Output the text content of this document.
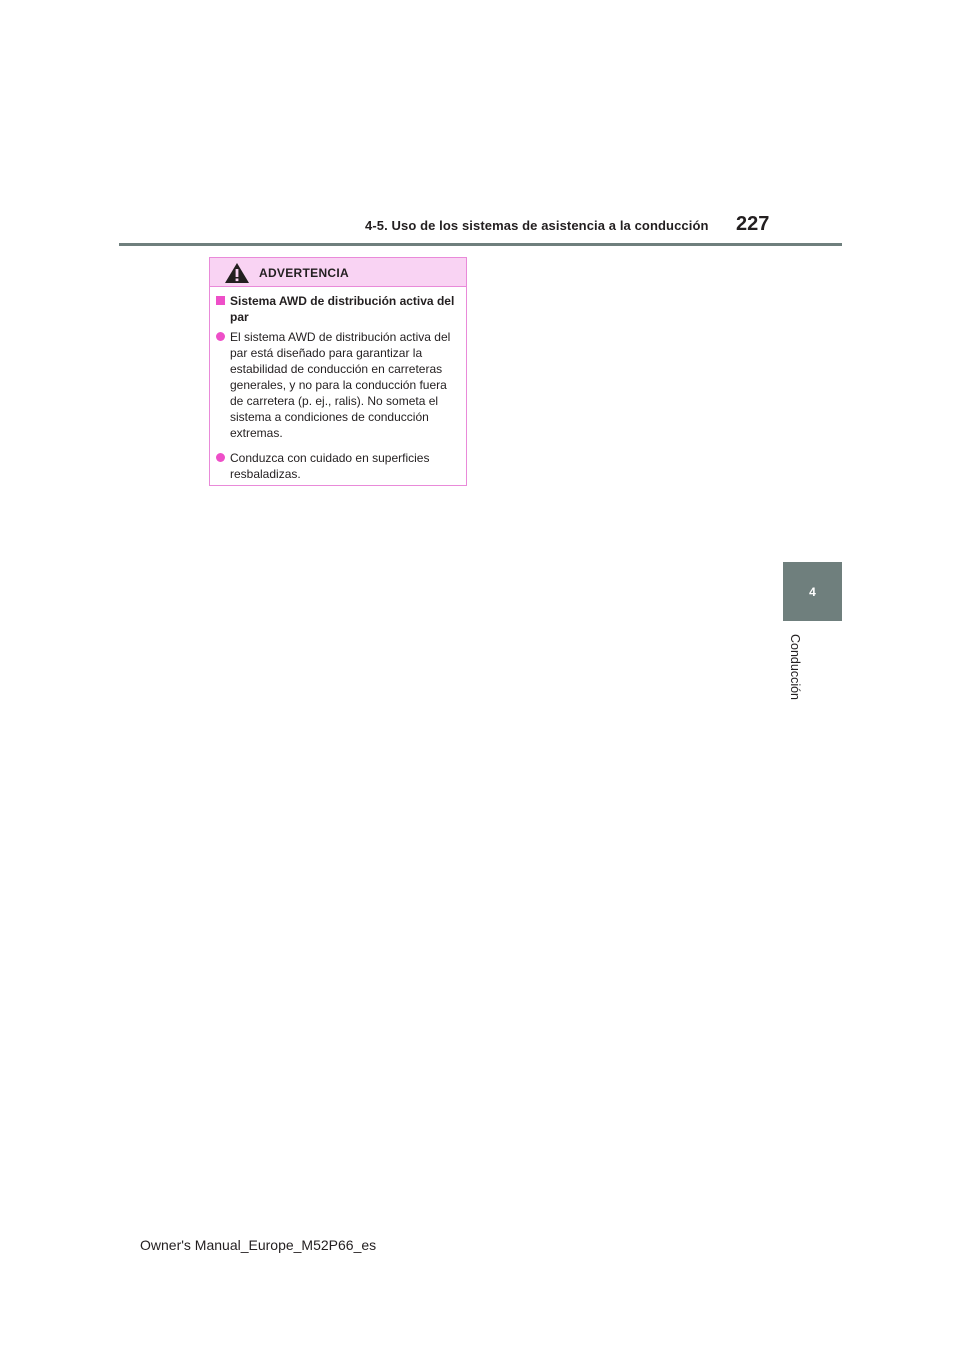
4-5. Uso de los sistemas de asistencia a la conducción 227
4
Conducción
ADVERTENCIA
Sistema AWD de distribución activa del par
El sistema AWD de distribución activa del par está diseñado para garantizar la estabilidad de conducción en carreteras generales, y no para la conducción fuera de carretera (p. ej., ralis). No someta el sistema a condiciones de conducción extremas.
Conduzca con cuidado en superficies resbaladizas.
Owner's Manual_Europe_M52P66_es
